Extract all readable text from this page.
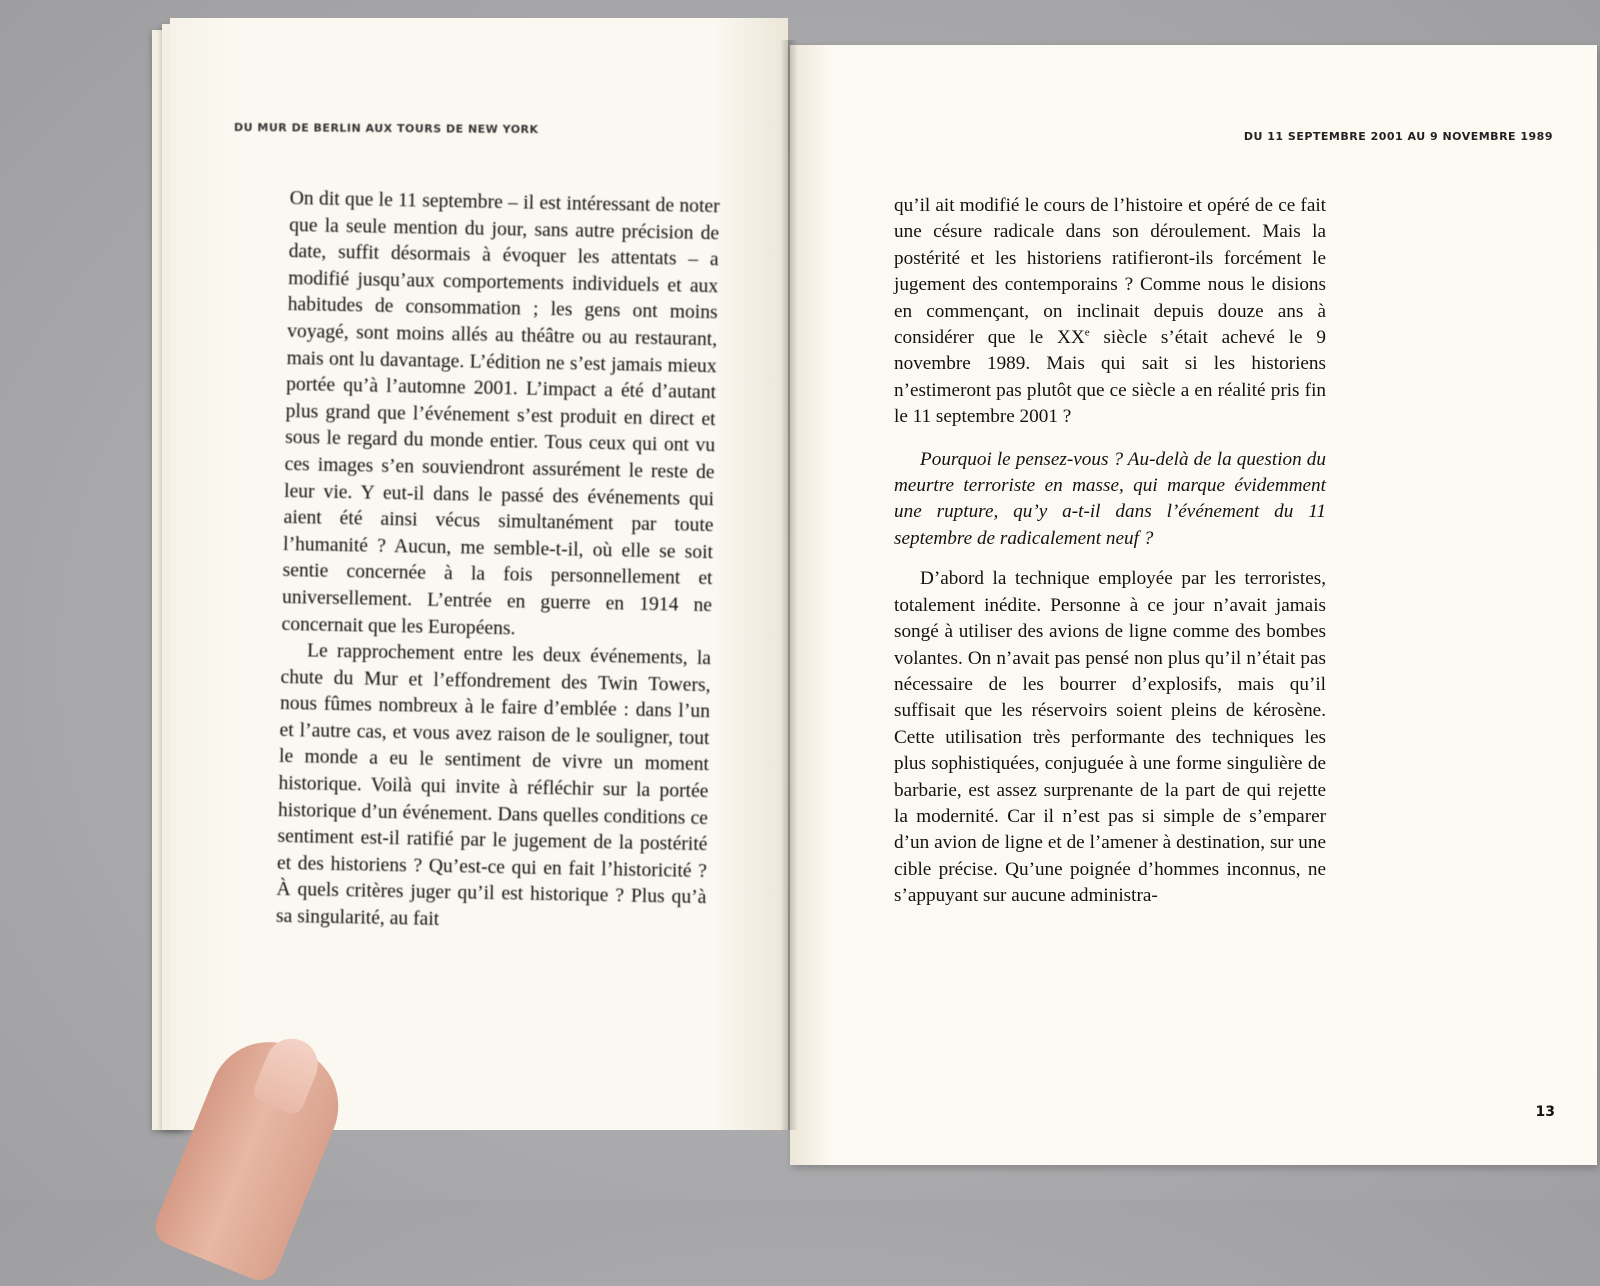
DU MUR DE BERLIN AUX TOURS DE NEW YORK

On dit que le 11 septembre – il est intéressant de noter que la seule mention du jour, sans autre précision de date, suffit désormais à évoquer les attentats – a modifié jusqu’aux comportements individuels et aux habitudes de consommation ; les gens ont moins voyagé, sont moins allés au théâtre ou au restaurant, mais ont lu davantage. L’édition ne s’est jamais mieux portée qu’à l’automne 2001. L’impact a été d’autant plus grand que l’événement s’est produit en direct et sous le regard du monde entier. Tous ceux qui ont vu ces images s’en souviendront assurément le reste de leur vie. Y eut-il dans le passé des événements qui aient été ainsi vécus simultanément par toute l’humanité ? Aucun, me semble-t-il, où elle se soit sentie concernée à la fois personnellement et universellement. L’entrée en guerre en 1914 ne concernait que les Européens.

Le rapprochement entre les deux événements, la chute du Mur et l’effondrement des Twin Towers, nous fûmes nombreux à le faire d’emblée : dans l’un et l’autre cas, et vous avez raison de le souligner, tout le monde a eu le sentiment de vivre un moment historique. Voilà qui invite à réfléchir sur la portée historique d’un événement. Dans quelles conditions ce sentiment est-il ratifié par le jugement de la postérité et des historiens ? Qu’est-ce qui en fait l’historicité ? À quels critères juger qu’il est historique ? Plus qu’à sa singularité, au fait

DU 11 SEPTEMBRE 2001 AU 9 NOVEMBRE 1989

qu’il ait modifié le cours de l’histoire et opéré de ce fait une césure radicale dans son déroulement. Mais la postérité et les historiens ratifieront-ils forcément le jugement des contemporains ? Comme nous le disions en commençant, on inclinait depuis douze ans à considérer que le XXe siècle s’était achevé le 9 novembre 1989. Mais qui sait si les historiens n’estimeront pas plutôt que ce siècle a en réalité pris fin le 11 septembre 2001 ?

Pourquoi le pensez-vous ? Au-delà de la question du meurtre terroriste en masse, qui marque évidemment une rupture, qu’y a-t-il dans l’événement du 11 septembre de radicalement neuf ?

D’abord la technique employée par les terroristes, totalement inédite. Personne à ce jour n’avait jamais songé à utiliser des avions de ligne comme des bombes volantes. On n’avait pas pensé non plus qu’il n’était pas nécessaire de les bourrer d’explosifs, mais qu’il suffisait que les réservoirs soient pleins de kérosène. Cette utilisation très performante des techniques les plus sophistiquées, conjuguée à une forme singulière de barbarie, est assez surprenante de la part de qui rejette la modernité. Car il n’est pas si simple de s’emparer d’un avion de ligne et de l’amener à destination, sur une cible précise. Qu’une poignée d’hommes inconnus, ne s’appuyant sur aucune administra-

13
